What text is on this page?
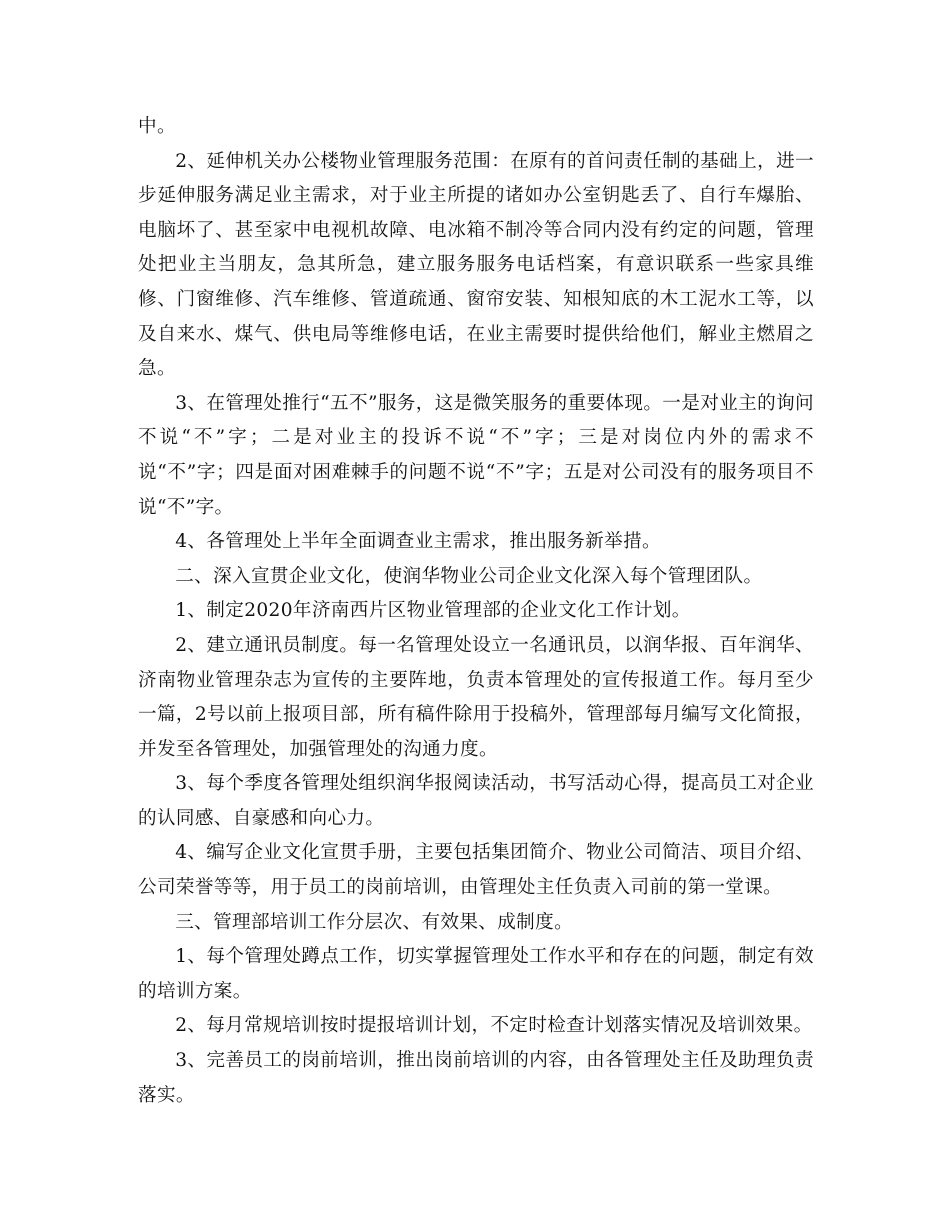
中。

2、延伸机关办公楼物业管理服务范围：在原有的首问责任制的基础上，进一步延伸服务满足业主需求，对于业主所提的诸如办公室钥匙丢了、自行车爆胎、电脑坏了、甚至家中电视机故障、电冰箱不制冷等合同内没有约定的问题，管理处把业主当朋友，急其所急，建立服务服务电话档案，有意识联系一些家具维修、门窗维修、汽车维修、管道疏通、窗帘安装、知根知底的木工泥水工等，以及自来水、煤气、供电局等维修电话，在业主需要时提供给他们，解业主燃眉之急。

3、在管理处推行“五不”服务，这是微笑服务的重要体现。一是对业主的询问不说“不”字；二是对业主的投诉不说“不”字；三是对岗位内外的需求不说“不”字；四是面对困难棘手的问题不说“不”字；五是对公司没有的服务项目不说“不”字。

4、各管理处上半年全面调查业主需求，推出服务新举措。

二、深入宣贯企业文化，使润华物业公司企业文化深入每个管理团队。

1、制定2020年济南西片区物业管理部的企业文化工作计划。

2、建立通讯员制度。每一名管理处设立一名通讯员，以润华报、百年润华、济南物业管理杂志为宣传的主要阵地，负责本管理处的宣传报道工作。每月至少一篇，2号以前上报项目部，所有稿件除用于投稿外，管理部每月编写文化简报，并发至各管理处，加强管理处的沟通力度。

3、每个季度各管理处组织润华报阅读活动，书写活动心得，提高员工对企业的认同感、自豪感和向心力。

4、编写企业文化宣贯手册，主要包括集团简介、物业公司简洁、项目介绍、公司荣誉等等，用于员工的岗前培训，由管理处主任负责入司前的第一堂课。

三、管理部培训工作分层次、有效果、成制度。

1、每个管理处蹲点工作，切实掌握管理处工作水平和存在的问题，制定有效的培训方案。

2、每月常规培训按时提报培训计划，不定时检查计划落实情况及培训效果。

3、完善员工的岗前培训，推出岗前培训的内容，由各管理处主任及助理负责落实。
